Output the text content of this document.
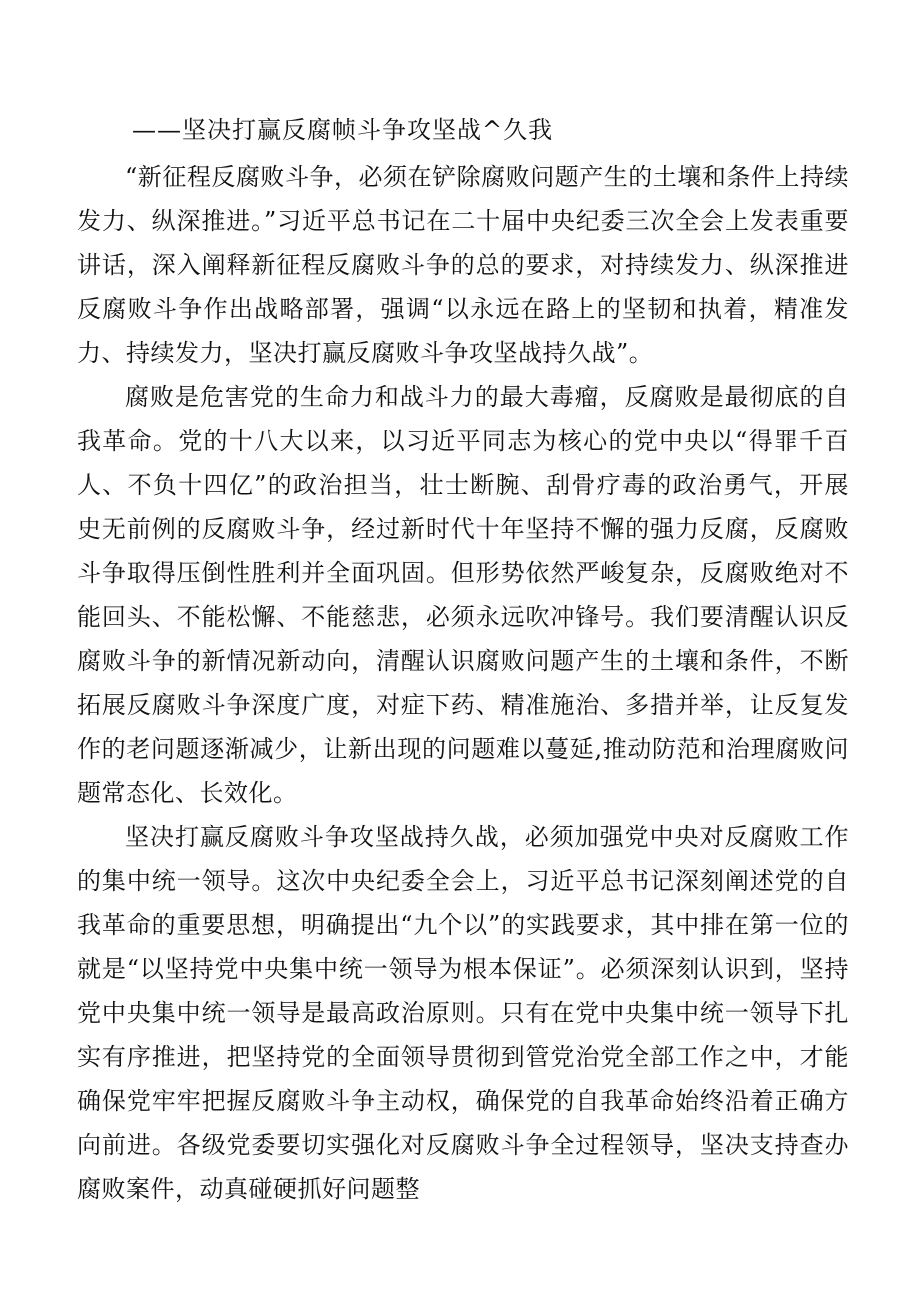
——坚决打赢反腐帧斗争攻坚战^久我

“新征程反腐败斗争，必须在铲除腐败问题产生的土壤和条件上持续发力、纵深推进。”习近平总书记在二十届中央纪委三次全会上发表重要讲话，深入阐释新征程反腐败斗争的总的要求，对持续发力、纵深推进反腐败斗争作出战略部署，强调“以永远在路上的坚韧和执着，精准发力、持续发力，坚决打赢反腐败斗争攻坚战持久战”。

腐败是危害党的生命力和战斗力的最大毒瘤，反腐败是最彻底的自我革命。党的十八大以来，以习近平同志为核心的党中央以“得罪千百人、不负十四亿”的政治担当，壮士断腕、刮骨疗毒的政治勇气，开展史无前例的反腐败斗争，经过新时代十年坚持不懈的强力反腐，反腐败斗争取得压倒性胜利并全面巩固。但形势依然严峻复杂，反腐败绝对不能回头、不能松懈、不能慈悲，必须永远吹冲锋号。我们要清醒认识反腐败斗争的新情况新动向，清醒认识腐败问题产生的土壤和条件，不断拓展反腐败斗争深度广度，对症下药、精准施治、多措并举，让反复发作的老问题逐渐减少，让新出现的问题难以蔓延,推动防范和治理腐败问题常态化、长效化。

坚决打赢反腐败斗争攻坚战持久战，必须加强党中央对反腐败工作的集中统一领导。这次中央纪委全会上，习近平总书记深刻阐述党的自我革命的重要思想，明确提出“九个以”的实践要求，其中排在第一位的就是“以坚持党中央集中统一领导为根本保证”。必须深刻认识到，坚持党中央集中统一领导是最高政治原则。只有在党中央集中统一领导下扎实有序推进，把坚持党的全面领导贯彻到管党治党全部工作之中，才能确保党牢牢把握反腐败斗争主动权，确保党的自我革命始终沿着正确方向前进。各级党委要切实强化对反腐败斗争全过程领导，坚决支持查办腐败案件，动真碰硬抓好问题整
